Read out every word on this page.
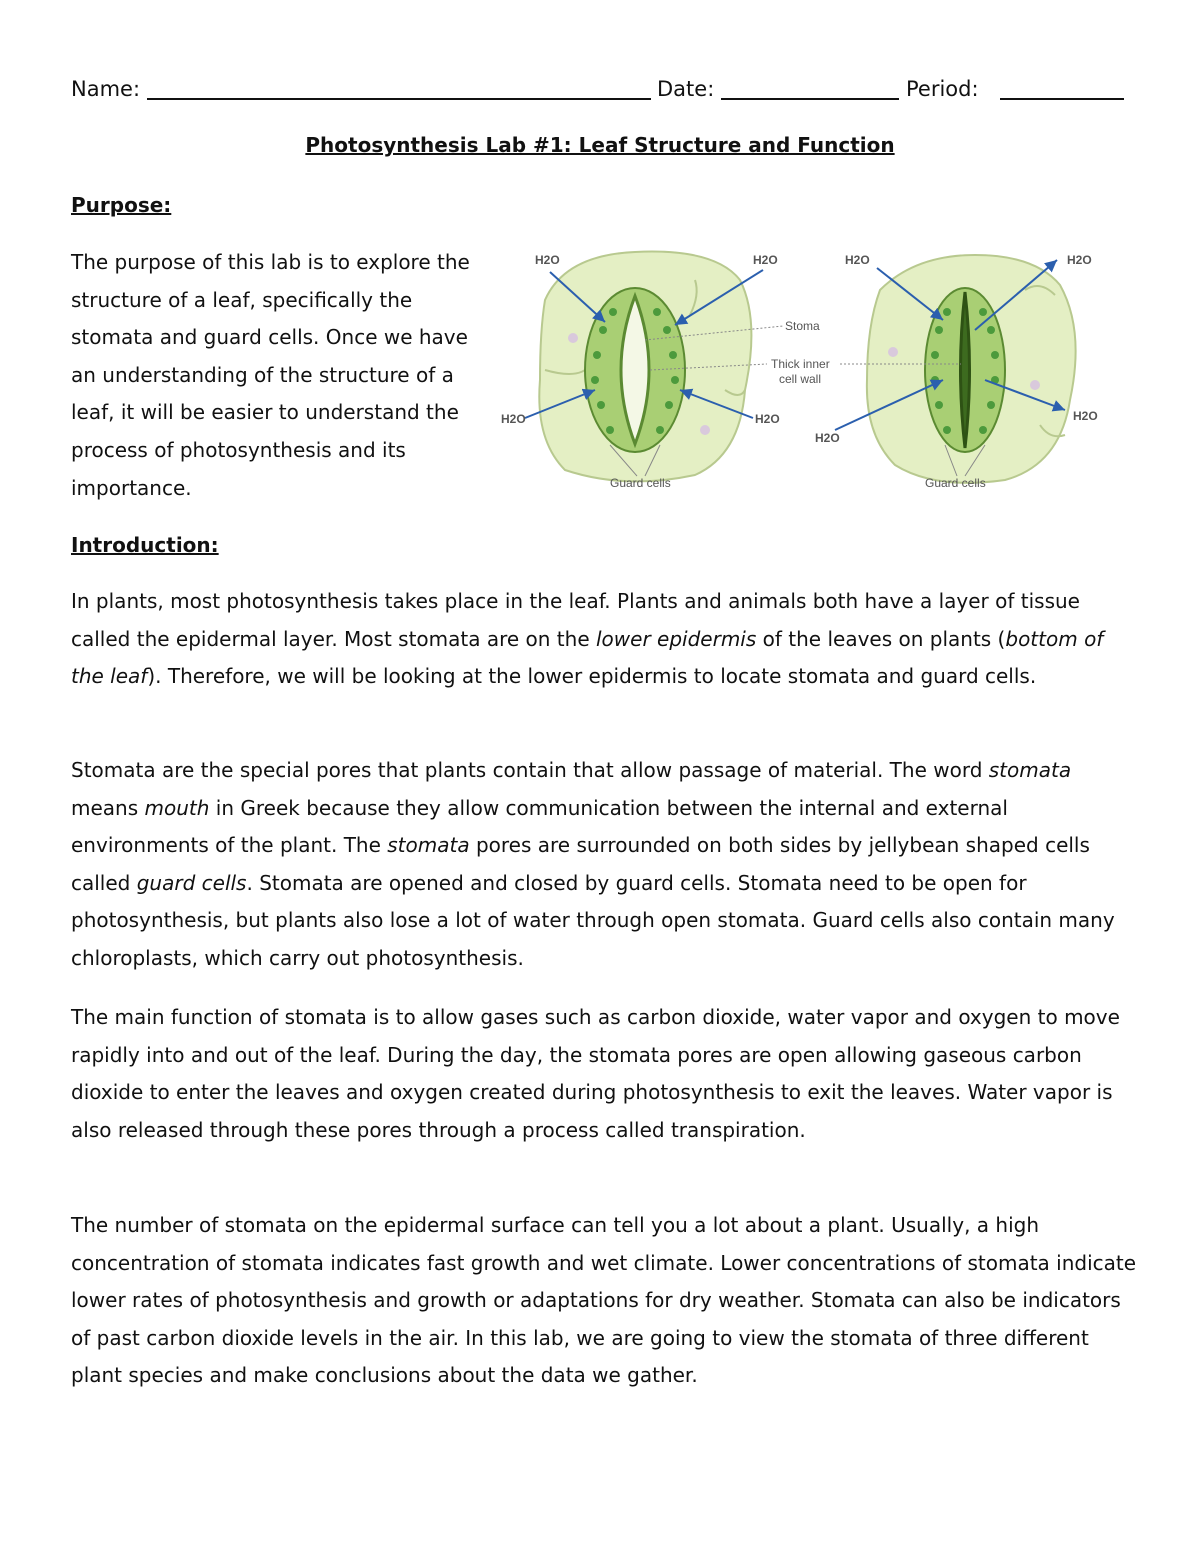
Name:	Date:	Period:
Photosynthesis Lab #1: Leaf Structure and Function
Purpose:
The purpose of this lab is to explore the structure of a leaf, specifically the stomata and guard cells. Once we have an understanding of the structure of a leaf, it will be easier to understand the process of photosynthesis and its importance.
H2O	H2O
H2O	H2O
H2O	H2O
H2O
H2O
Stoma
Thick inner
cell wall
Guard cells	Guard cells
Introduction:
In plants, most photosynthesis takes place in the leaf. Plants and animals both have a layer of tissue called the epidermal layer. Most stomata are on the lower epidermis of the leaves on plants (bottom of the leaf). Therefore, we will be looking at the lower epidermis to locate stomata and guard cells.
Stomata are the special pores that plants contain that allow passage of material. The word stomata means mouth in Greek because they allow communication between the internal and external environments of the plant. The stomata pores are surrounded on both sides by jellybean shaped cells called guard cells. Stomata are opened and closed by guard cells. Stomata need to be open for photosynthesis, but plants also lose a lot of water through open stomata. Guard cells also contain many chloroplasts, which carry out photosynthesis.
The main function of stomata is to allow gases such as carbon dioxide, water vapor and oxygen to move rapidly into and out of the leaf. During the day, the stomata pores are open allowing gaseous carbon dioxide to enter the leaves and oxygen created during photosynthesis to exit the leaves. Water vapor is also released through these pores through a process called transpiration.
The number of stomata on the epidermal surface can tell you a lot about a plant. Usually, a high concentration of stomata indicates fast growth and wet climate. Lower concentrations of stomata indicate lower rates of photosynthesis and growth or adaptations for dry weather. Stomata can also be indicators of past carbon dioxide levels in the air. In this lab, we are going to view the stomata of three different plant species and make conclusions about the data we gather.
